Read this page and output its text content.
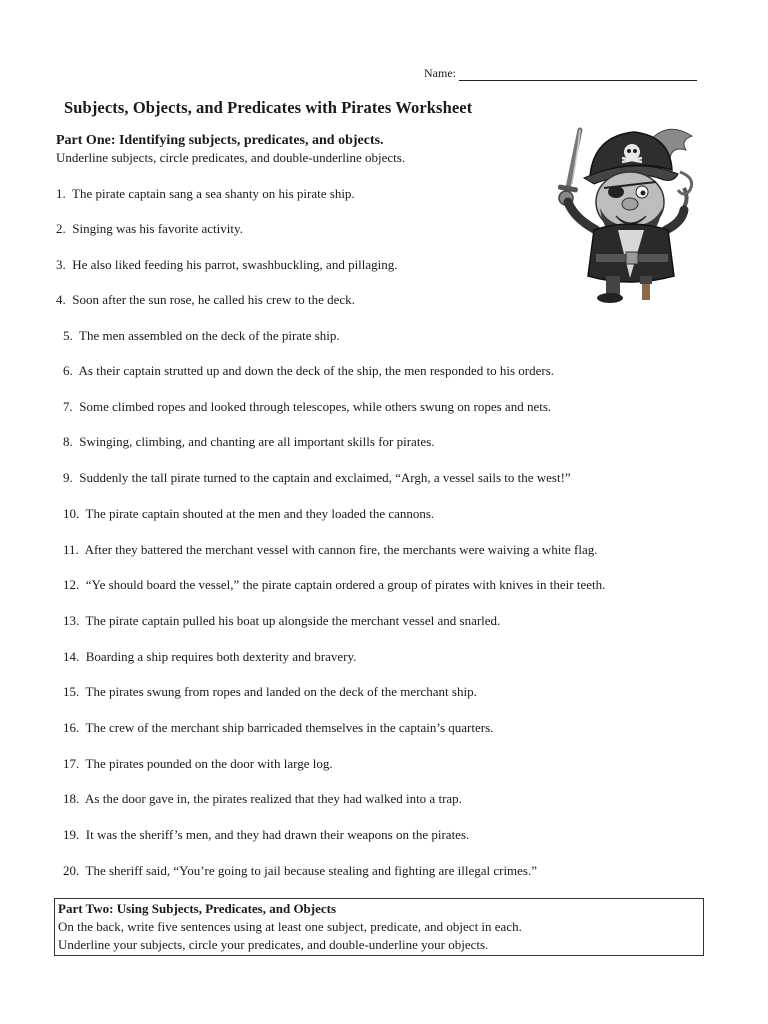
Name:
Subjects, Objects, and Predicates with Pirates Worksheet
Part One: Identifying subjects, predicates, and objects.
Underline subjects, circle predicates, and double-underline objects.
1. The pirate captain sang a sea shanty on his pirate ship.
2. Singing was his favorite activity.
3. He also liked feeding his parrot, swashbuckling, and pillaging.
4. Soon after the sun rose, he called his crew to the deck.
5. The men assembled on the deck of the pirate ship.
6. As their captain strutted up and down the deck of the ship, the men responded to his orders.
7. Some climbed ropes and looked through telescopes, while others swung on ropes and nets.
8. Swinging, climbing, and chanting are all important skills for pirates.
9. Suddenly the tall pirate turned to the captain and exclaimed, “Argh, a vessel sails to the west!”
10. The pirate captain shouted at the men and they loaded the cannons.
11. After they battered the merchant vessel with cannon fire, the merchants were waiving a white flag.
12. “Ye should board the vessel,” the pirate captain ordered a group of pirates with knives in their teeth.
13. The pirate captain pulled his boat up alongside the merchant vessel and snarled.
14. Boarding a ship requires both dexterity and bravery.
15. The pirates swung from ropes and landed on the deck of the merchant ship.
16. The crew of the merchant ship barricaded themselves in the captain’s quarters.
17. The pirates pounded on the door with large log.
18. As the door gave in, the pirates realized that they had walked into a trap.
19. It was the sheriff’s men, and they had drawn their weapons on the pirates.
20. The sheriff said, “You’re going to jail because stealing and fighting are illegal crimes.”
Part Two: Using Subjects, Predicates, and Objects
On the back, write five sentences using at least one subject, predicate, and object in each.
Underline your subjects, circle your predicates, and double-underline your objects.
